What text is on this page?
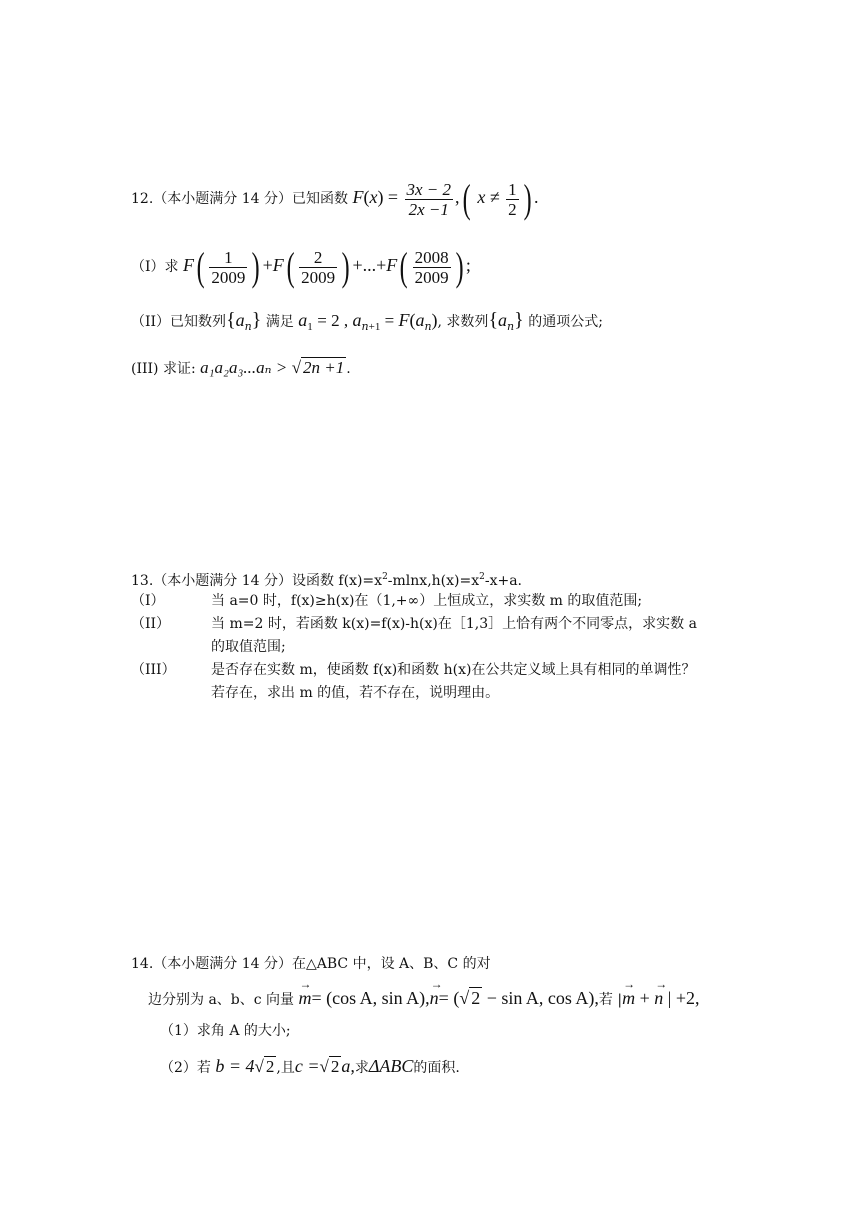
12.（本小题满分 14 分）已知函数 $F(x) = \frac{3x - 2}{2x -1}$ ,( $x \ne \frac{1}{2}$ ) .
（I）求 $F( \frac{1}{2009}$ ) $+F( \frac{2}{2009}$ ) $+...+F( \frac{2008}{2009}$ ) ;
（II）已知数列$\{a_n\}$ 满足 $a_1 = 2$ , $a_{n+1} = F(a_n)$, 求数列$\{a_n\}$ 的通项公式;
(III) 求证: a₁a₂a₃...aₙ > √ 2n +1 .
13.（本小题满分 14 分）设函数 $f(x)=x^2-mlnx,h(x)=x^2-x+a$.
（I）	当 a=0 时，f(x)≥h(x)在（1,+∞）上恒成立，求实数 m 的取值范围;
（II）	当 m=2 时，若函数 k(x)=f(x)-h(x)在［1,3］上恰有两个不同零点，求实数 a
的取值范围;
（III）	是否存在实数 m，使函数 f(x)和函数 h(x)在公共定义域上具有相同的单调性？
若存在，求出 m 的值，若不存在，说明理由。
14.（本小题满分 14 分）在△ABC 中，设 A、B、C 的对
边分别为 a、b、c 向量 → m= (cos A, sin A),→ n= (√ 2 − sin A, cos A),若 |→ m + → n | +2,
（1）求角 A 的大小;
（2）若 b = 4√ 2 ,且c =√ 2 a,求ΔABC的面积.
